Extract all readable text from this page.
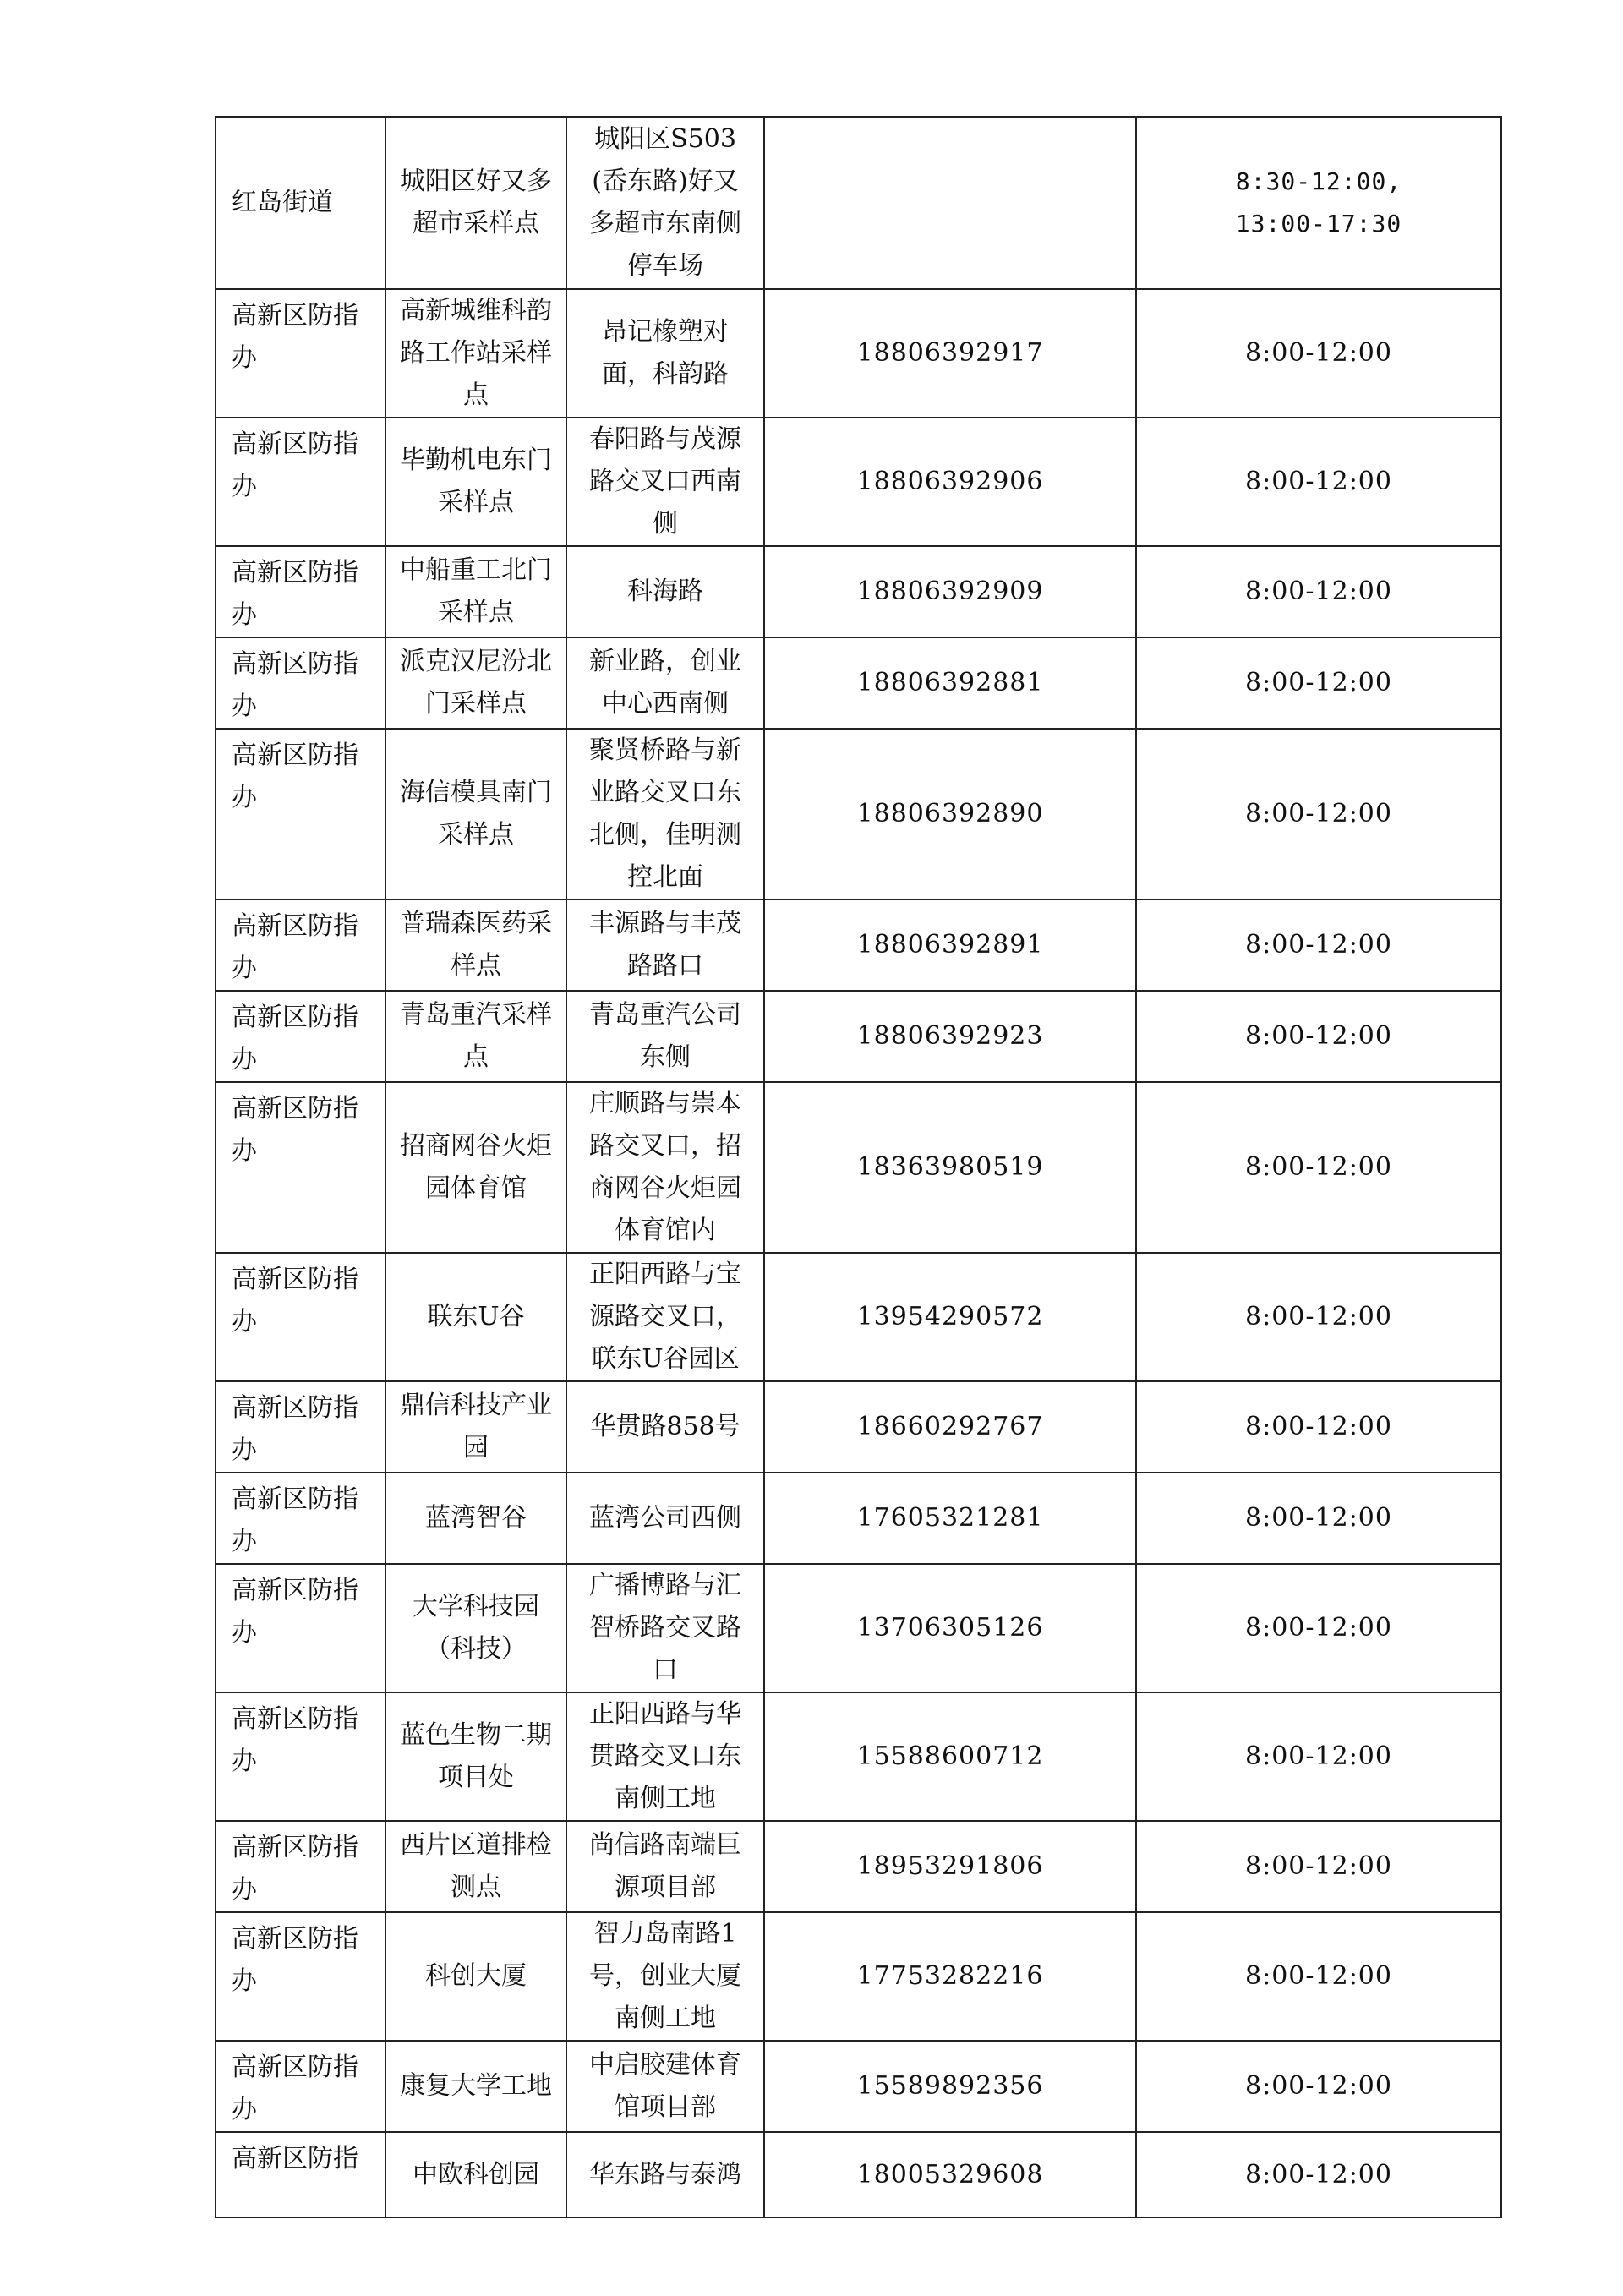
红岛街道	城阳区好又多超市采样点	城阳区S503(岙东路)好又多超市东南侧停车场		8:30-12:00,
13:00-17:30

高新区防指办	高新城维科韵路工作站采样点	昂记橡塑对面，科韵路	18806392917	8:00-12:00

高新区防指办	毕勤机电东门采样点	春阳路与茂源路交叉口西南侧	18806392906	8:00-12:00

高新区防指办	中船重工北门采样点	科海路	18806392909	8:00-12:00

高新区防指办	派克汉尼汾北门采样点	新业路，创业中心西南侧	18806392881	8:00-12:00

高新区防指办	海信模具南门采样点	聚贤桥路与新业路交叉口东北侧，佳明测控北面	18806392890	8:00-12:00

高新区防指办	普瑞森医药采样点	丰源路与丰茂路路口	18806392891	8:00-12:00

高新区防指办	青岛重汽采样点	青岛重汽公司东侧	18806392923	8:00-12:00

高新区防指办	招商网谷火炬园体育馆	庄顺路与崇本路交叉口，招商网谷火炬园体育馆内	18363980519	8:00-12:00

高新区防指办	联东U谷	正阳西路与宝源路交叉口，联东U谷园区	13954290572	8:00-12:00

高新区防指办	鼎信科技产业园	华贯路858号	18660292767	8:00-12:00

高新区防指办	蓝湾智谷	蓝湾公司西侧	17605321281	8:00-12:00

高新区防指办	大学科技园（科技）	广播博路与汇智桥路交叉路口	13706305126	8:00-12:00

高新区防指办	蓝色生物二期项目处	正阳西路与华贯路交叉口东南侧工地	15588600712	8:00-12:00

高新区防指办	西片区道排检测点	尚信路南端巨源项目部	18953291806	8:00-12:00

高新区防指办	科创大厦	智力岛南路1号，创业大厦南侧工地	17753282216	8:00-12:00

高新区防指办	康复大学工地	中启胶建体育馆项目部	15589892356	8:00-12:00

高新区防指	中欧科创园	华东路与泰鸿	18005329608	8:00-12:00
